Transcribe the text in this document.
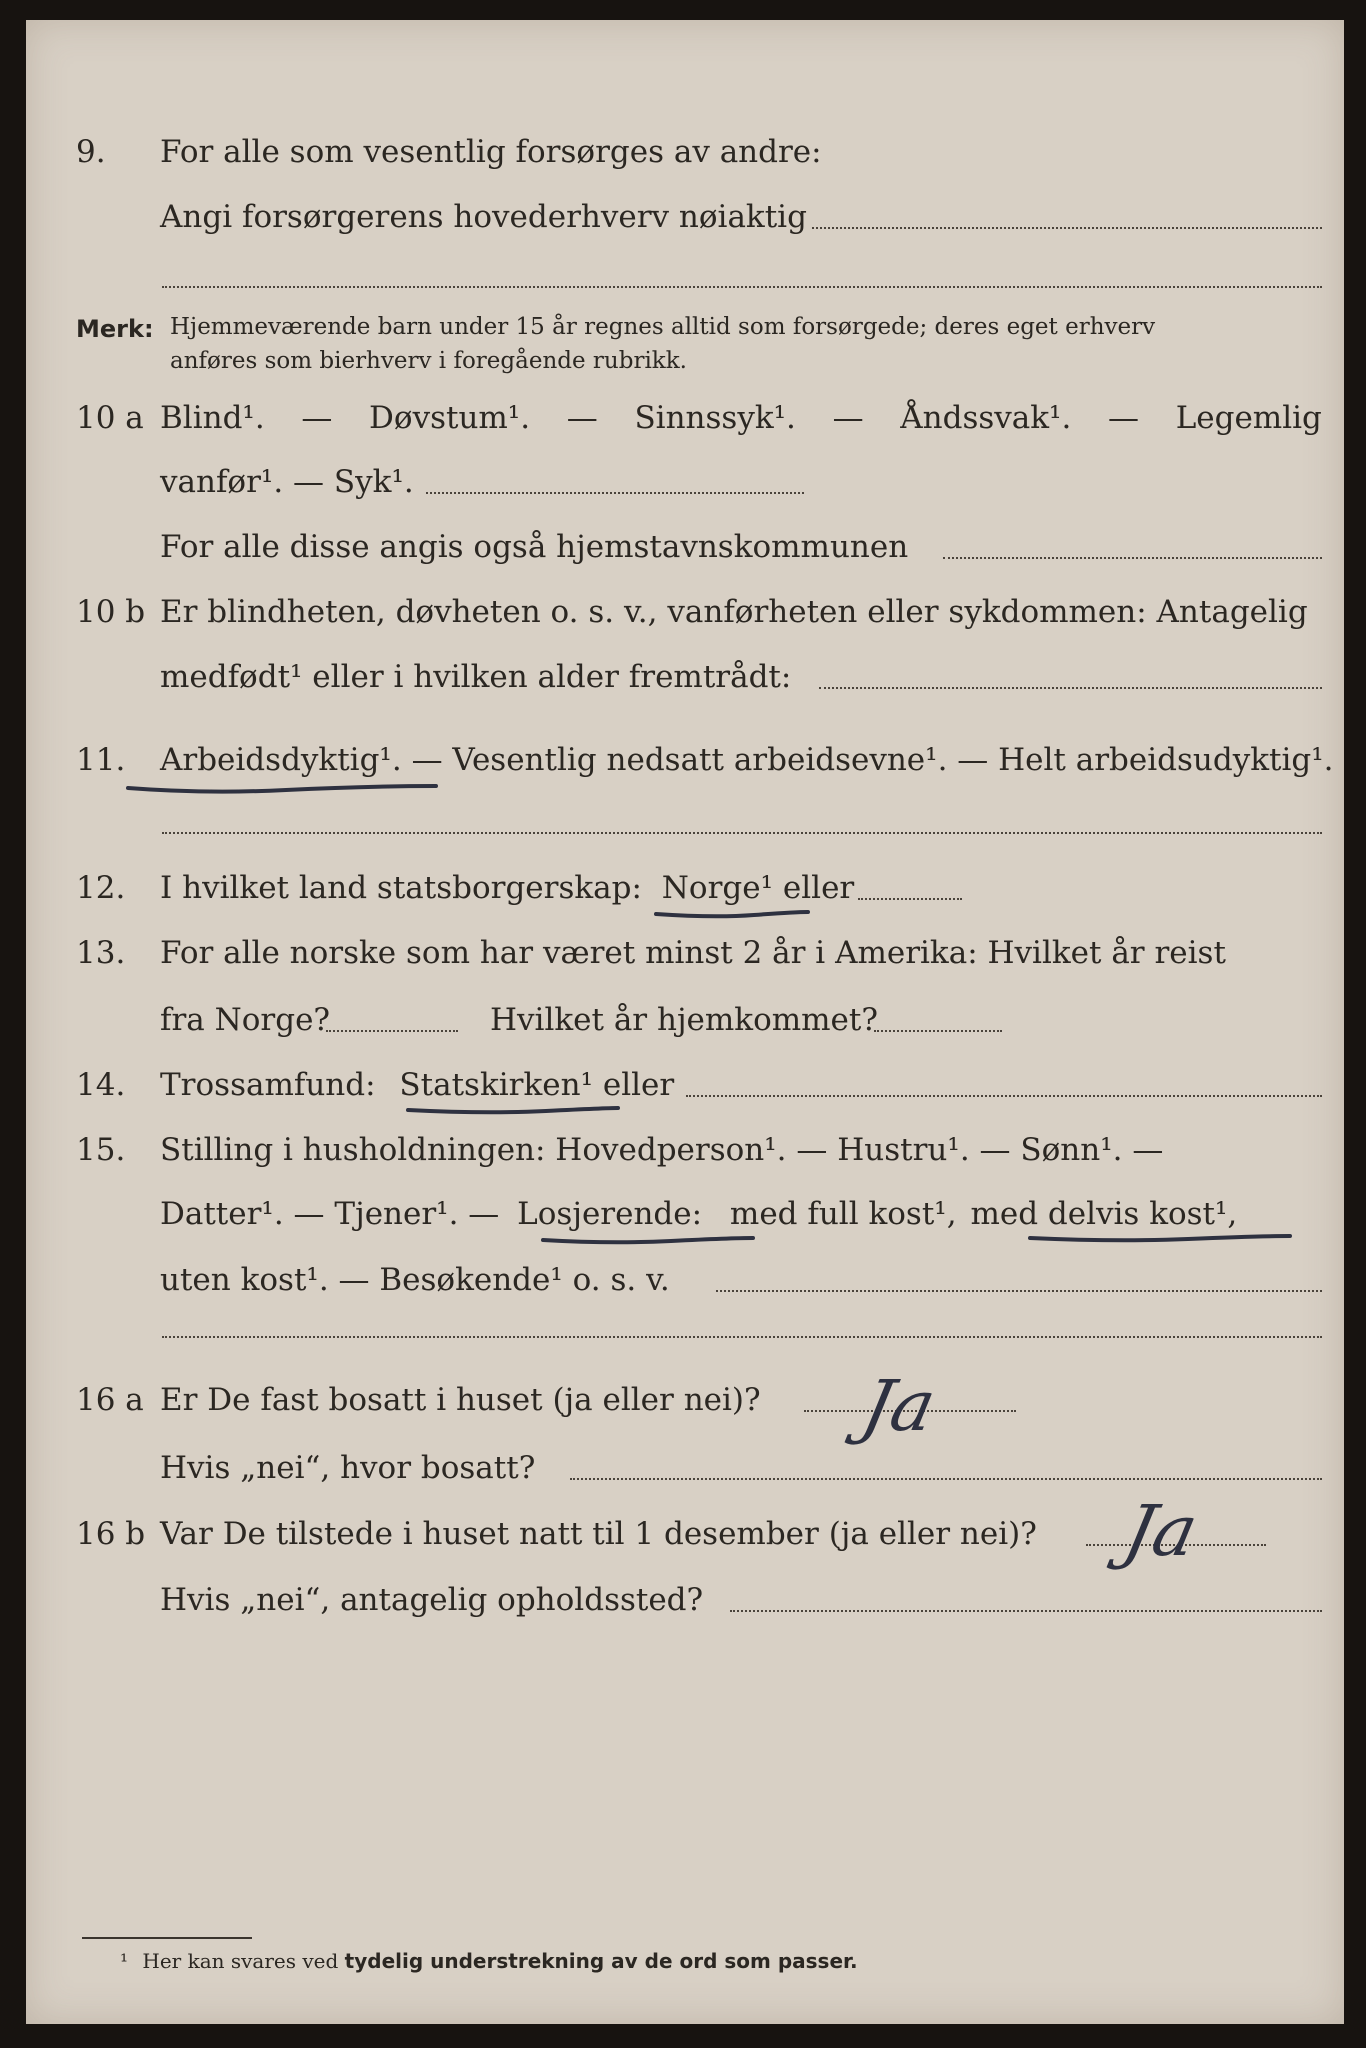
9. For alle som vesentlig forsørges av andre:
Angi forsørgerens hovederhverv nøiaktig
Merk: Hjemmeværende barn under 15 år regnes alltid som forsørgede; deres eget erhverv
anføres som bierhverv i foregående rubrikk.
10 a Blind¹. — Døvstum¹. — Sinnssyk¹. — Åndssvak¹. — Legemlig
vanfør¹. — Syk¹.
For alle disse angis også hjemstavnskommunen
10 b Er blindheten, døvheten o. s. v., vanførheten eller sykdommen: Antagelig
medfødt¹ eller i hvilken alder fremtrådt:
11. Arbeidsdyktig¹. — Vesentlig nedsatt arbeidsevne¹. — Helt arbeidsudyktig¹.
12. I hvilket land statsborgerskap: Norge¹ eller
13. For alle norske som har været minst 2 år i Amerika: Hvilket år reist
fra Norge?	Hvilket år hjemkommet?
14. Trossamfund: Statskirken¹ eller
15. Stilling i husholdningen: Hovedperson¹. — Hustru¹. — Sønn¹. —
Datter¹. — Tjener¹. — Losjerende: med full kost¹, med delvis kost¹,
uten kost¹. — Besøkende¹ o. s. v.
16 a Er De fast bosatt i huset (ja eller nei)?	Ja
Hvis „nei“, hvor bosatt?
16 b Var De tilstede i huset natt til 1 desember (ja eller nei)?	Ja
Hvis „nei“, antagelig opholdssted?
¹ Her kan svares ved tydelig understrekning av de ord som passer.
